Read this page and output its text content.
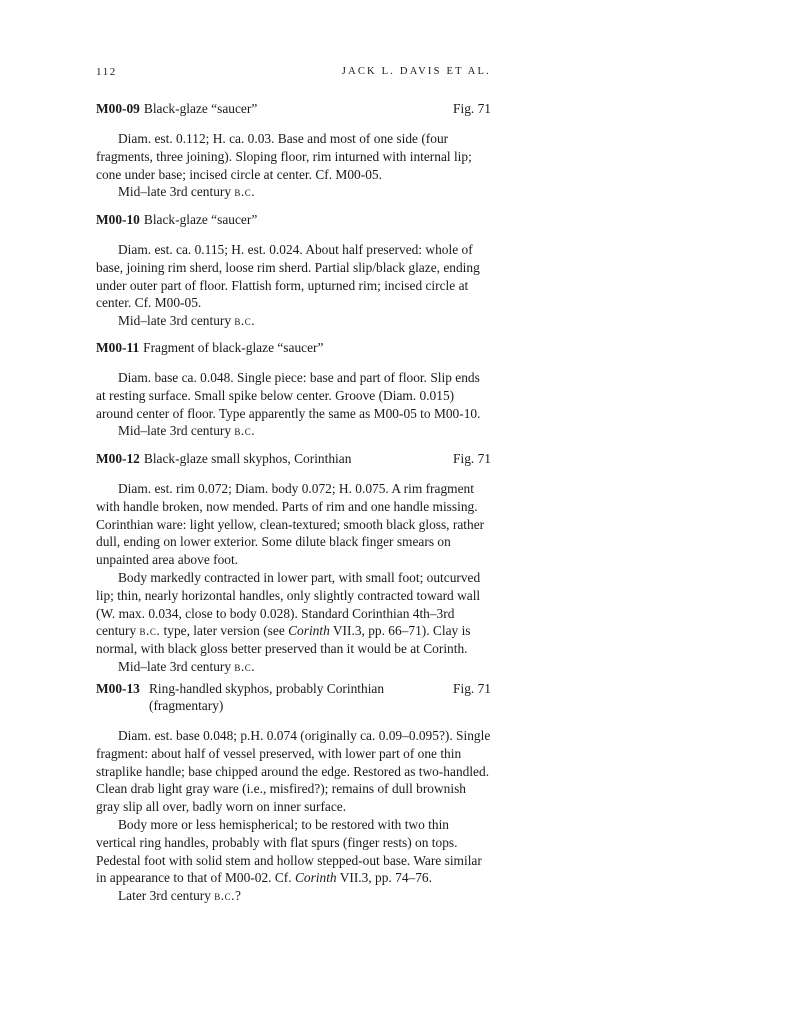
112	JACK L. DAVIS ET AL.
M00-09 Black-glaze “saucer”	Fig. 71

Diam. est. 0.112; H. ca. 0.03. Base and most of one side (four fragments, three joining). Sloping floor, rim inturned with internal lip; cone under base; incised circle at center. Cf. M00-05.

Mid–late 3rd century b.c.

M00-10 Black-glaze “saucer”

Diam. est. ca. 0.115; H. est. 0.024. About half preserved: whole of base, joining rim sherd, loose rim sherd. Partial slip/black glaze, ending under outer part of floor. Flattish form, upturned rim; incised circle at center. Cf. M00-05.

Mid–late 3rd century b.c.

M00-11 Fragment of black-glaze “saucer”

Diam. base ca. 0.048. Single piece: base and part of floor. Slip ends at resting surface. Small spike below center. Groove (Diam. 0.015) around center of floor. Type apparently the same as M00-05 to M00-10.

Mid–late 3rd century b.c.

M00-12 Black-glaze small skyphos, Corinthian	Fig. 71

Diam. est. rim 0.072; Diam. body 0.072; H. 0.075. A rim fragment with handle broken, now mended. Parts of rim and one handle missing. Corinthian ware: light yellow, clean-textured; smooth black gloss, rather dull, ending on lower exterior. Some dilute black finger smears on unpainted area above foot.

Body markedly contracted in lower part, with small foot; outcurved lip; thin, nearly horizontal handles, only slightly contracted toward wall (W. max. 0.034, close to body 0.028). Standard Corinthian 4th–3rd century b.c. type, later version (see Corinth VII.3, pp. 66–71). Clay is normal, with black gloss better preserved than it would be at Corinth.

Mid–late 3rd century b.c.

M00-13 Ring-handled skyphos, probably Corinthian
(fragmentary)
Fig. 71

Diam. est. base 0.048; p.H. 0.074 (originally ca. 0.09–0.095?). Single fragment: about half of vessel preserved, with lower part of one thin straplike handle; base chipped around the edge. Restored as two-handled. Clean drab light gray ware (i.e., misfired?); remains of dull brownish gray slip all over, badly worn on inner surface.

Body more or less hemispherical; to be restored with two thin vertical ring handles, probably with flat spurs (finger rests) on tops. Pedestal foot with solid stem and hollow stepped-out base. Ware similar in appearance to that of M00-02. Cf. Corinth VII.3, pp. 74–76.

Later 3rd century b.c.?
